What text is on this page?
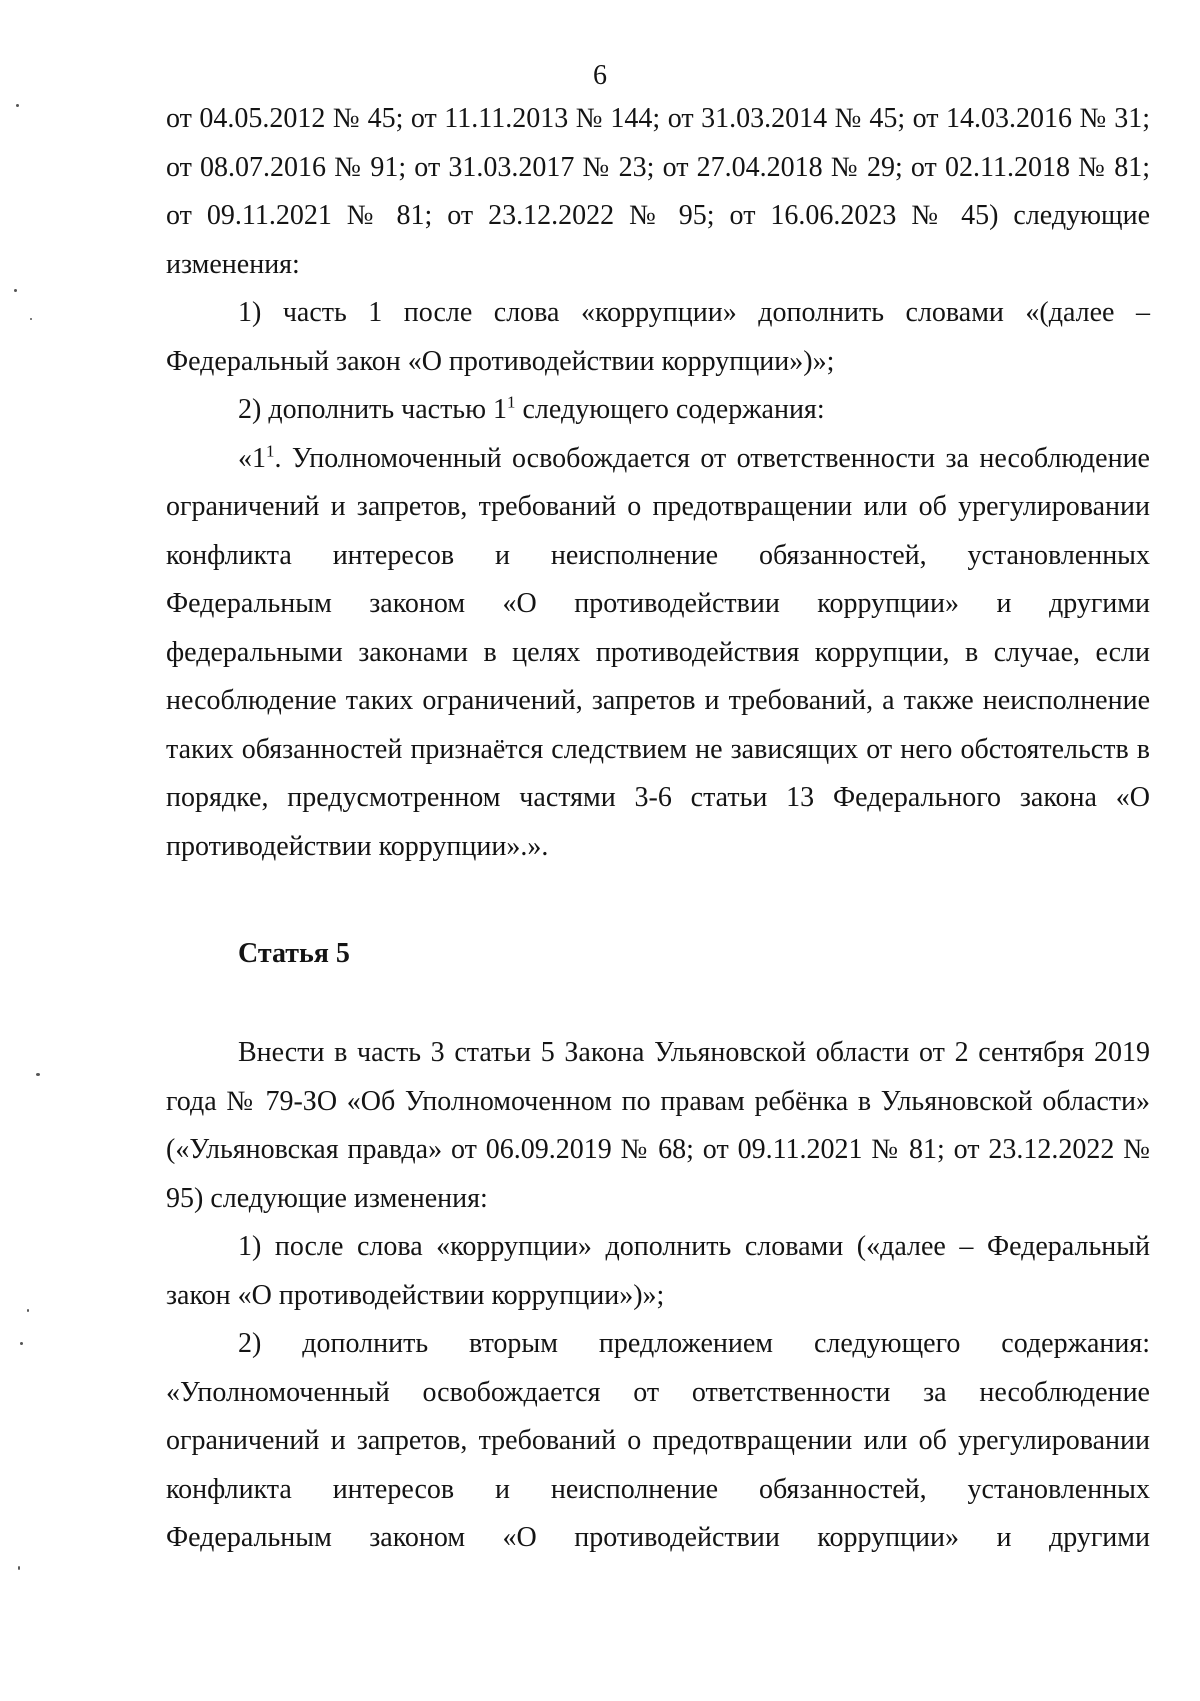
6

от 04.05.2012 № 45; от 11.11.2013 № 144; от 31.03.2014 № 45; от 14.03.2016 № 31; от 08.07.2016 № 91; от 31.03.2017 № 23; от 27.04.2018 № 29; от 02.11.2018 № 81; от 09.11.2021 № 81; от 23.12.2022 № 95; от 16.06.2023 № 45) следующие изменения:

1) часть 1 после слова «коррупции» дополнить словами «(далее – Федеральный закон «О противодействии коррупции»)»;

2) дополнить частью $1^1$ следующего содержания:

«$1^1$. Уполномоченный освобождается от ответственности за несоблюдение ограничений и запретов, требований о предотвращении или об урегулировании конфликта интересов и неисполнение обязанностей, установленных Федеральным законом «О противодействии коррупции» и другими федеральными законами в целях противодействия коррупции, в случае, если несоблюдение таких ограничений, запретов и требований, а также неисполнение таких обязанностей признаётся следствием не зависящих от него обстоятельств в порядке, предусмотренном частями 3-6 статьи 13 Федерального закона «О противодействии коррупции».».

Статья 5

Внести в часть 3 статьи 5 Закона Ульяновской области от 2 сентября 2019 года № 79-ЗО «Об Уполномоченном по правам ребёнка в Ульяновской области» («Ульяновская правда» от 06.09.2019 № 68; от 09.11.2021 № 81; от 23.12.2022 № 95) следующие изменения:

1) после слова «коррупции» дополнить словами («далее – Федеральный закон «О противодействии коррупции»)»;

2) дополнить вторым предложением следующего содержания: «Уполномоченный освобождается от ответственности за несоблюдение ограничений и запретов, требований о предотвращении или об урегулировании конфликта интересов и неисполнение обязанностей, установленных Федеральным законом «О противодействии коррупции» и другими
